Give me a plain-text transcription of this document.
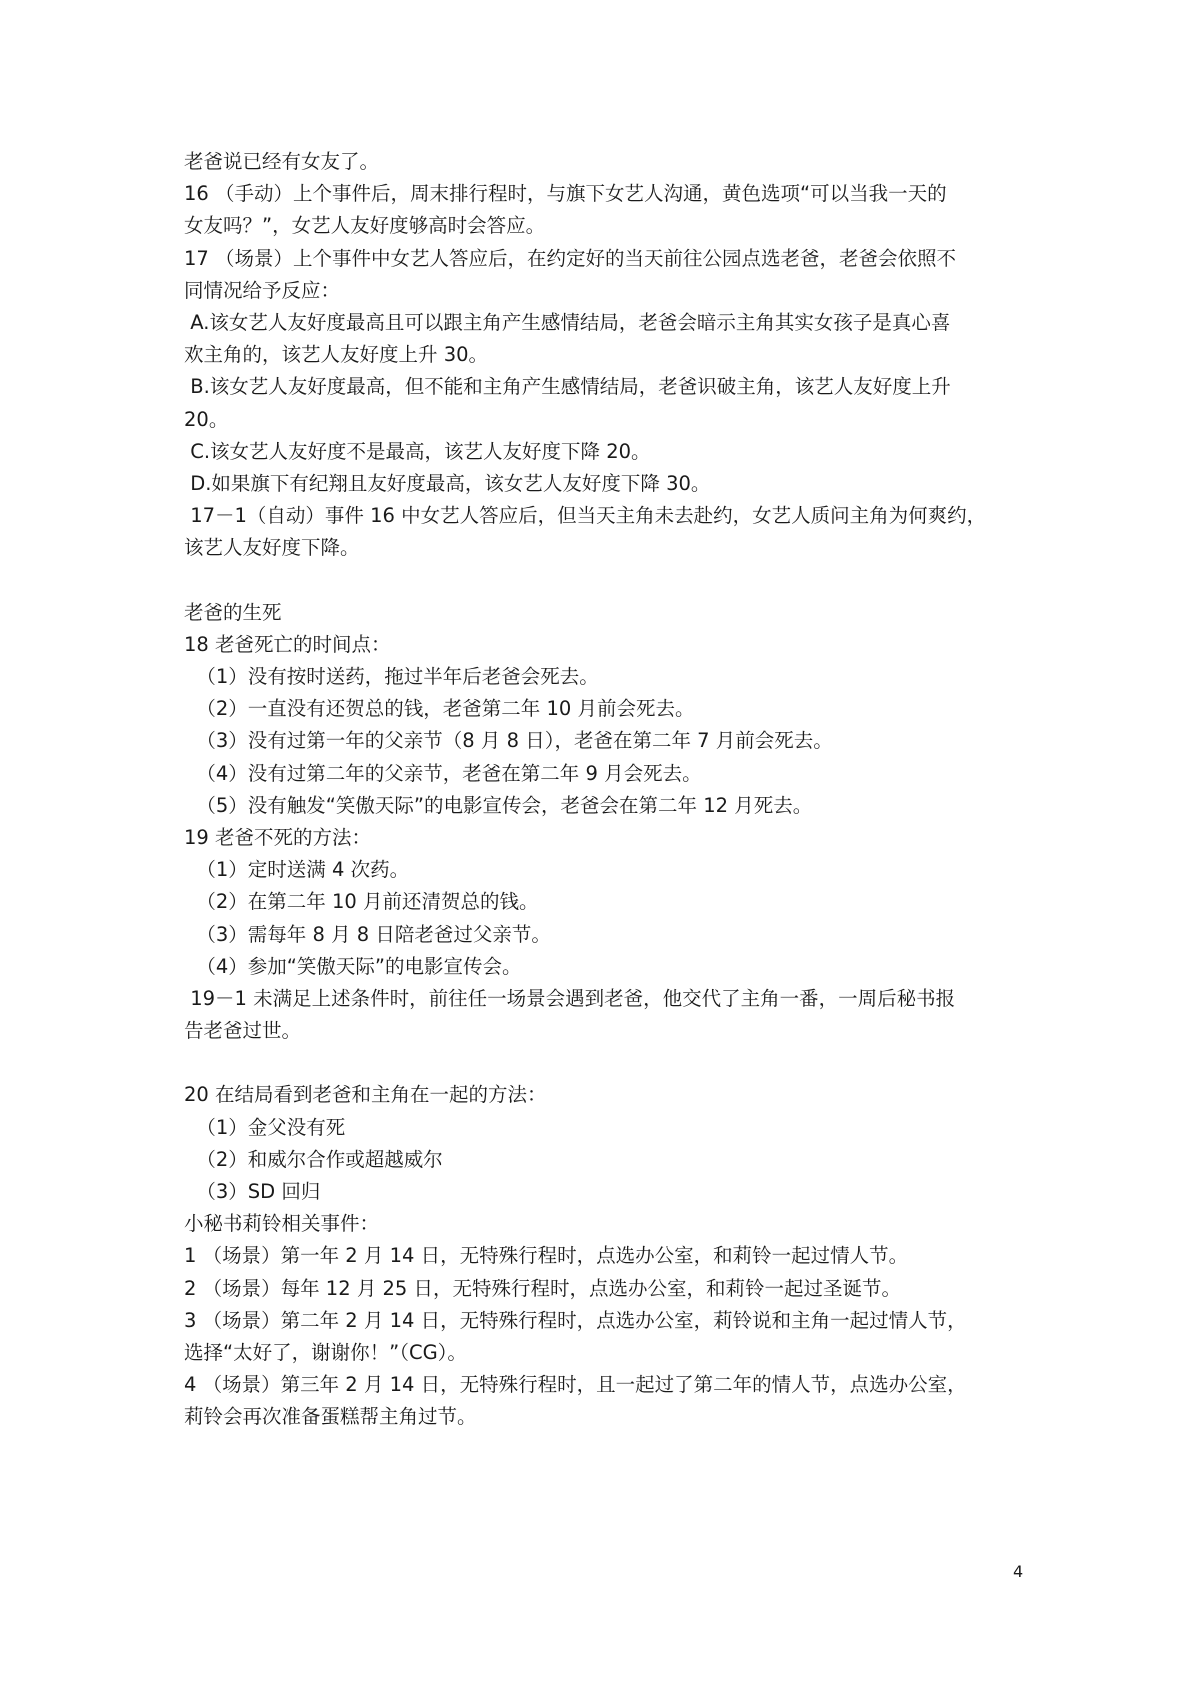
老爸说已经有女友了。
16 （手动）上个事件后，周末排行程时，与旗下女艺人沟通，黄色选项“可以当我一天的
女友吗？”，女艺人友好度够高时会答应。
17 （场景）上个事件中女艺人答应后，在约定好的当天前往公园点选老爸，老爸会依照不
同情况给予反应：
A.该女艺人友好度最高且可以跟主角产生感情结局，老爸会暗示主角其实女孩子是真心喜
欢主角的，该艺人友好度上升 30。
B.该女艺人友好度最高，但不能和主角产生感情结局，老爸识破主角，该艺人友好度上升
20。
C.该女艺人友好度不是最高，该艺人友好度下降 20。
D.如果旗下有纪翔且友好度最高，该女艺人友好度下降 30。
17－1（自动）事件 16 中女艺人答应后，但当天主角未去赴约，女艺人质问主角为何爽约，
该艺人友好度下降。
老爸的生死
18 老爸死亡的时间点：
（1）没有按时送药，拖过半年后老爸会死去。
（2）一直没有还贺总的钱，老爸第二年 10 月前会死去。
（3）没有过第一年的父亲节（8 月 8 日），老爸在第二年 7 月前会死去。
（4）没有过第二年的父亲节，老爸在第二年 9 月会死去。
（5）没有触发“笑傲天际”的电影宣传会，老爸会在第二年 12 月死去。
19 老爸不死的方法：
（1）定时送满 4 次药。
（2）在第二年 10 月前还清贺总的钱。
（3）需每年 8 月 8 日陪老爸过父亲节。
（4）参加“笑傲天际”的电影宣传会。
19－1 未满足上述条件时，前往任一场景会遇到老爸，他交代了主角一番，一周后秘书报
告老爸过世。
20 在结局看到老爸和主角在一起的方法：
（1）金父没有死
（2）和威尔合作或超越威尔
（3）SD 回归
小秘书莉铃相关事件：
1 （场景）第一年 2 月 14 日，无特殊行程时，点选办公室，和莉铃一起过情人节。
2 （场景）每年 12 月 25 日，无特殊行程时，点选办公室，和莉铃一起过圣诞节。
3 （场景）第二年 2 月 14 日，无特殊行程时，点选办公室，莉铃说和主角一起过情人节，
选择“太好了，谢谢你！”（CG）。
4 （场景）第三年 2 月 14 日，无特殊行程时，且一起过了第二年的情人节，点选办公室，
莉铃会再次准备蛋糕帮主角过节。
4
